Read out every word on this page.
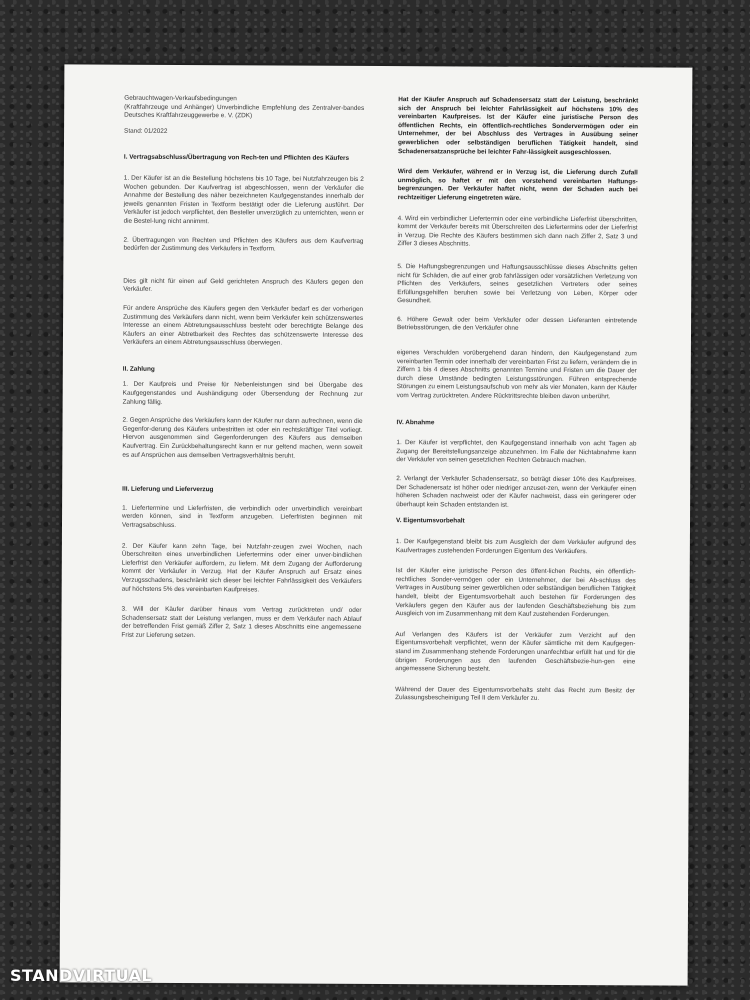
Gebrauchtwagen-Verkaufsbedingungen

(Kraftfahrzeuge und Anhänger) Unverbindliche Empfehlung des Zentralver-bandes Deutsches Kraftfahrzeuggewerbe e. V. (ZDK)

Stand: 01/2022

I. Vertragsabschluss/Übertragung von Rech-ten und Pflichten des Käufers

1. Der Käufer ist an die Bestellung höchstens bis 10 Tage, bei Nutzfahrzeugen bis 2 Wochen gebunden. Der Kaufvertrag ist abgeschlossen, wenn der Verkäufer die Annahme der Bestellung des näher bezeichneten Kaufgegenstandes innerhalb der jeweils genannten Fristen in Textform bestätigt oder die Lieferung ausführt. Der Verkäufer ist jedoch verpflichtet, den Besteller unverzüglich zu unterrichten, wenn er die Bestel-lung nicht annimmt.

2. Übertragungen von Rechten und Pflichten des Käufers aus dem Kaufvertrag bedürfen der Zustimmung des Verkäufers in Textform.

Dies gilt nicht für einen auf Geld gerichteten Anspruch des Käufers gegen den Verkäufer.

Für andere Ansprüche des Käufers gegen den Verkäufer bedarf es der vorherigen Zustimmung des Verkäufers dann nicht, wenn beim Verkäufer kein schützenswertes Interesse an einem Abtretungsausschluss besteht oder berechtigte Belange des Käufers an einer Abtretbarkeit des Rechtes das schützenswerte Interesse des Verkäufers an einem Abtretungsausschluss überwiegen.

II. Zahlung

1. Der Kaufpreis und Preise für Nebenleistungen sind bei Übergabe des Kaufgegenstandes und Aushändigung oder Übersendung der Rechnung zur Zahlung fällig.

2. Gegen Ansprüche des Verkäufers kann der Käufer nur dann aufrechnen, wenn die Gegenfor-derung des Käufers unbestritten ist oder ein rechtskräftiger Titel vorliegt. Hiervon ausgenommen sind Gegenforderungen des Käufers aus demselben Kaufvertrag. Ein Zurückbehaltungsrecht kann er nur geltend machen, wenn soweit es auf Ansprüchen aus demselben Vertragsverhältnis beruht.

III. Lieferung und Lieferverzug

1. Liefertermine und Lieferfristen, die verbindlich oder unverbindlich vereinbart werden können, sind in Textform anzugeben. Lieferfristen beginnen mit Vertragsabschluss.

2. Der Käufer kann zehn Tage, bei Nutzfahr-zeugen zwei Wochen, nach Überschreiten eines unverbindlichen Liefertermins oder einer unver-bindlichen Lieferfrist den Verkäufer auffordern, zu liefern. Mit dem Zugang der Aufforderung kommt der Verkäufer in Verzug. Hat der Käufer Anspruch auf Ersatz eines Verzugsschadens, beschränkt sich dieser bei leichter Fahrlässigkeit des Verkäufers auf höchstens 5% des vereinbarten Kaufpreises.

3. Will der Käufer darüber hinaus vom Vertrag zurücktreten und/ oder Schadensersatz statt der Leistung verlangen, muss er dem Verkäufer nach Ablauf der betreffenden Frist gemäß Ziffer 2, Satz 1 dieses Abschnitts eine angemessene Frist zur Lieferung setzen.

Hat der Käufer Anspruch auf Schadensersatz statt der Leistung, beschränkt sich der Anspruch bei leichter Fahrlässigkeit auf höchstens 10% des vereinbarten Kaufpreises. Ist der Käufer eine juristische Person des öffentlichen Rechts, ein öffentlich-rechtliches Sondervermögen oder ein Unternehmer, der bei Abschluss des Vertrages in Ausübung seiner gewerblichen oder selbständigen beruflichen Tätigkeit handelt, sind Schadenersatzansprüche bei leichter Fahr-lässigkeit ausgeschlossen.

Wird dem Verkäufer, während er in Verzug ist, die Lieferung durch Zufall unmöglich, so haftet er mit den vorstehend vereinbarten Haftungs-begrenzungen. Der Verkäufer haftet nicht, wenn der Schaden auch bei rechtzeitiger Lieferung eingetreten wäre.

4. Wird ein verbindlicher Liefertermin oder eine verbindliche Lieferfrist überschritten, kommt der Verkäufer bereits mit Überschreiten des Liefertermins oder der Lieferfrist in Verzug. Die Rechte des Käufers bestimmen sich dann nach Ziffer 2, Satz 3 und Ziffer 3 dieses Abschnitts.

5. Die Haftungsbegrenzungen und Haftungsausschlüsse dieses Abschnitts gelten nicht für Schäden, die auf einer grob fahrlässigen oder vorsätzlichen Verletzung von Pflichten des Verkäufers, seines gesetzlichen Vertreters oder seines Erfüllungsgehilfen beruhen sowie bei Verletzung von Leben, Körper oder Gesundheit.

6. Höhere Gewalt oder beim Verkäufer oder dessen Lieferanten eintretende Betriebsstörungen, die den Verkäufer ohne

eigenes Verschulden vorübergehend daran hindern, den Kaufgegenstand zum vereinbarten Termin oder innerhalb der vereinbarten Frist zu liefern, verändern die in Ziffern 1 bis 4 dieses Abschnitts genannten Termine und Fristen um die Dauer der durch diese Umstände bedingten Leistungsstörungen. Führen entsprechende Störungen zu einem Leistungsaufschub von mehr als vier Monaten, kann der Käufer vom Vertrag zurücktreten. Andere Rücktrittsrechte bleiben davon unberührt.

IV. Abnahme

1. Der Käufer ist verpflichtet, den Kaufgegenstand innerhalb von acht Tagen ab Zugang der Bereitstellungsanzeige abzunehmen. Im Falle der Nichtabnahme kann der Verkäufer von seinen gesetzlichen Rechten Gebrauch machen.

2. Verlangt der Verkäufer Schadensersatz, so beträgt dieser 10% des Kaufpreises. Der Schadenersatz ist höher oder niedriger anzuset-zen, wenn der Verkäufer einen höheren Schaden nachweist oder der Käufer nachweist, dass ein geringerer oder überhaupt kein Schaden entstanden ist.

V. Eigentumsvorbehalt

1. Der Kaufgegenstand bleibt bis zum Ausgleich der dem Verkäufer aufgrund des Kaufvertrages zustehenden Forderungen Eigentum des Verkäufers.

Ist der Käufer eine juristische Person des öffent-lichen Rechts, ein öffentlich-rechtliches Sonder-vermögen oder ein Unternehmer, der bei Ab-schluss des Vertrages in Ausübung seiner gewerblichen oder selbständigen beruflichen Tätigkeit handelt, bleibt der Eigentumsvorbehalt auch bestehen für Forderungen des Verkäufers gegen den Käufer aus der laufenden Geschäftsbeziehung bis zum Ausgleich von im Zusammenhang mit dem Kauf zustehenden Forderungen.

Auf Verlangen des Käufers ist der Verkäufer zum Verzicht auf den Eigentumsvorbehalt verpflichtet, wenn der Käufer sämtliche mit dem Kaufgegen-stand im Zusammenhang stehende Forderungen unanfechtbar erfüllt hat und für die übrigen Forderungen aus den laufenden Geschäftsbezie-hun-gen eine angemessene Sicherung besteht.

Während der Dauer des Eigentumsvorbehalts steht das Recht zum Besitz der Zulassungsbescheinigung Teil II dem Verkäufer zu.

STANDVIRTUAL
